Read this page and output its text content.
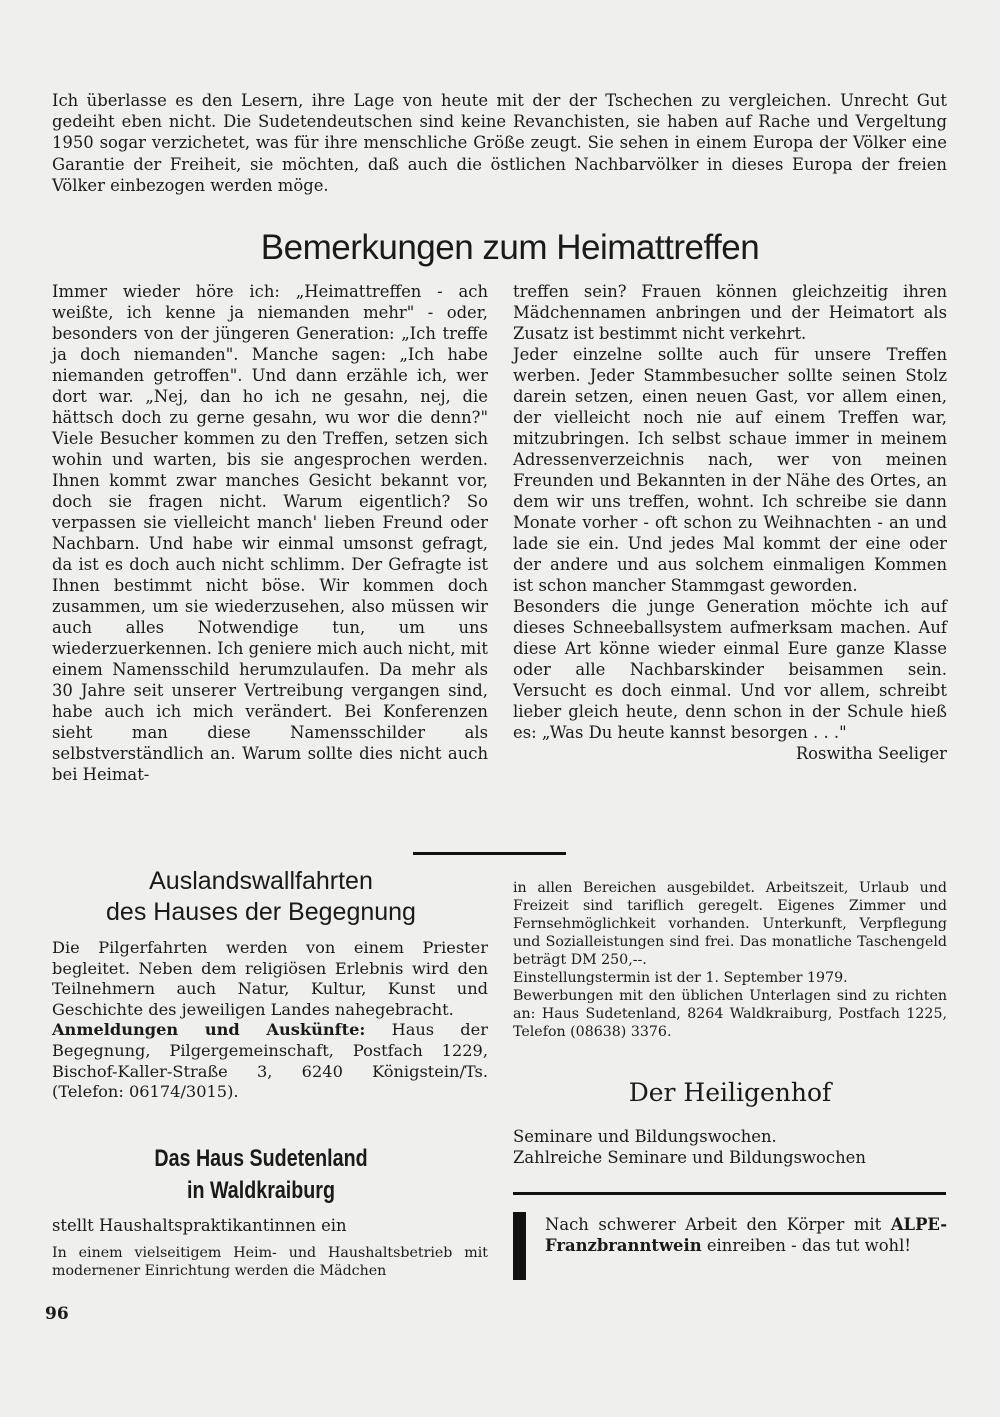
Ich überlasse es den Lesern, ihre Lage von heute mit der der Tschechen zu vergleichen. Unrecht Gut gedeiht eben nicht. Die Sudetendeutschen sind keine Revanchisten, sie haben auf Rache und Vergeltung 1950 sogar verzichetet, was für ihre menschliche Größe zeugt. Sie sehen in einem Europa der Völker eine Garantie der Freiheit, sie möchten, daß auch die östlichen Nachbarvölker in dieses Europa der freien Völker einbezogen werden möge.

Bemerkungen zum Heimattreffen

Immer wieder höre ich: „Heimattreffen - ach weißte, ich kenne ja niemanden mehr" - oder, besonders von der jüngeren Generation: „Ich treffe ja doch niemanden". Manche sagen: „Ich habe niemanden getroffen". Und dann erzähle ich, wer dort war. „Nej, dan ho ich ne gesahn, nej, die hättsch doch zu gerne gesahn, wu wor die denn?" Viele Besucher kommen zu den Treffen, setzen sich wohin und warten, bis sie angesprochen werden. Ihnen kommt zwar manches Gesicht bekannt vor, doch sie fragen nicht. Warum eigentlich? So verpassen sie vielleicht manch' lieben Freund oder Nachbarn. Und habe wir einmal umsonst gefragt, da ist es doch auch nicht schlimm. Der Gefragte ist Ihnen bestimmt nicht böse. Wir kommen doch zusammen, um sie wiederzusehen, also müssen wir auch alles Notwendige tun, um uns wiederzuerkennen. Ich geniere mich auch nicht, mit einem Namensschild herumzulaufen. Da mehr als 30 Jahre seit unserer Vertreibung vergangen sind, habe auch ich mich verändert. Bei Konferenzen sieht man diese Namensschilder als selbstverständlich an. Warum sollte dies nicht auch bei Heimat-

treffen sein? Frauen können gleichzeitig ihren Mädchennamen anbringen und der Heimatort als Zusatz ist bestimmt nicht verkehrt.

Jeder einzelne sollte auch für unsere Treffen werben. Jeder Stammbesucher sollte seinen Stolz darein setzen, einen neuen Gast, vor allem einen, der vielleicht noch nie auf einem Treffen war, mitzubringen. Ich selbst schaue immer in meinem Adressenverzeichnis nach, wer von meinen Freunden und Bekannten in der Nähe des Ortes, an dem wir uns treffen, wohnt. Ich schreibe sie dann Monate vorher - oft schon zu Weihnachten - an und lade sie ein. Und jedes Mal kommt der eine oder der andere und aus solchem einmaligen Kommen ist schon mancher Stammgast geworden.

Besonders die junge Generation möchte ich auf dieses Schneeballsystem aufmerksam machen. Auf diese Art könne wieder einmal Eure ganze Klasse oder alle Nachbarskinder beisammen sein. Versucht es doch einmal. Und vor allem, schreibt lieber gleich heute, denn schon in der Schule hieß es: „Was Du heute kannst besorgen . . ."

Roswitha Seeliger

Auslandswallfahrten
des Hauses der Begegnung

Die Pilgerfahrten werden von einem Priester begleitet. Neben dem religiösen Erlebnis wird den Teilnehmern auch Natur, Kultur, Kunst und Geschichte des jeweiligen Landes nahegebracht.

Anmeldungen und Auskünfte: Haus der Begegnung, Pilgergemeinschaft, Postfach 1229, Bischof-Kaller-Straße 3, 6240 Königstein/Ts. (Telefon: 06174/3015).

Das Haus Sudetenland
in Waldkraiburg

stellt Haushaltspraktikantinnen ein

In einem vielseitigem Heim- und Haushaltsbetrieb mit modernener Einrichtung werden die Mädchen

in allen Bereichen ausgebildet. Arbeitszeit, Urlaub und Freizeit sind tariflich geregelt. Eigenes Zimmer und Fernsehmöglichkeit vorhanden. Unterkunft, Verpflegung und Sozialleistungen sind frei. Das monatliche Taschengeld beträgt DM 250,--.

Einstellungstermin ist der 1. September 1979.

Bewerbungen mit den üblichen Unterlagen sind zu richten an: Haus Sudetenland, 8264 Waldkraiburg, Postfach 1225, Telefon (08638) 3376.

Der Heiligenhof

Seminare und Bildungswochen.

Zahlreiche Seminare und Bildungswochen

Nach schwerer Arbeit den Körper mit ALPE-Franzbranntwein einreiben - das tut wohl!

96
